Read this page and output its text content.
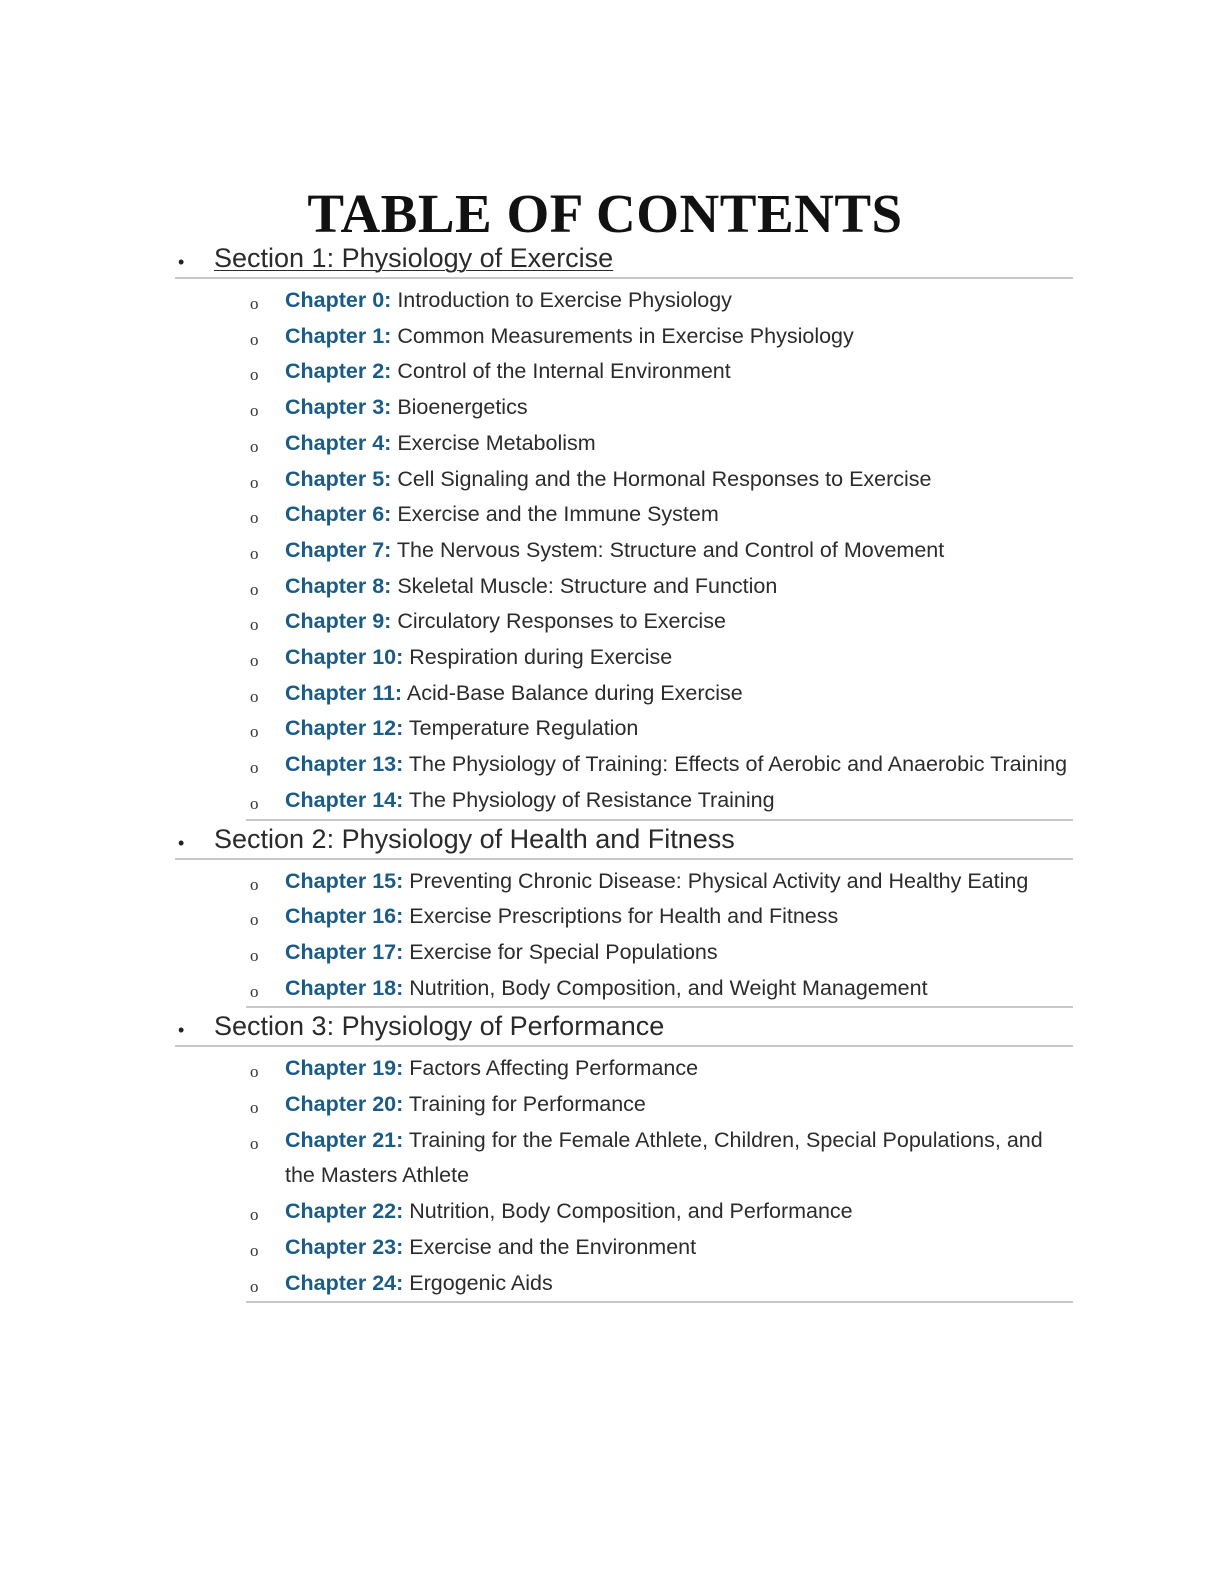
TABLE OF CONTENTS
• Section 1: Physiology of Exercise
o Chapter 0: Introduction to Exercise Physiology
o Chapter 1: Common Measurements in Exercise Physiology
o Chapter 2: Control of the Internal Environment
o Chapter 3: Bioenergetics
o Chapter 4: Exercise Metabolism
o Chapter 5: Cell Signaling and the Hormonal Responses to Exercise
o Chapter 6: Exercise and the Immune System
o Chapter 7: The Nervous System: Structure and Control of Movement
o Chapter 8: Skeletal Muscle: Structure and Function
o Chapter 9: Circulatory Responses to Exercise
o Chapter 10: Respiration during Exercise
o Chapter 11: Acid-Base Balance during Exercise
o Chapter 12: Temperature Regulation
o Chapter 13: The Physiology of Training: Effects of Aerobic and Anaerobic Training
o Chapter 14: The Physiology of Resistance Training
• Section 2: Physiology of Health and Fitness
o Chapter 15: Preventing Chronic Disease: Physical Activity and Healthy Eating
o Chapter 16: Exercise Prescriptions for Health and Fitness
o Chapter 17: Exercise for Special Populations
o Chapter 18: Nutrition, Body Composition, and Weight Management
• Section 3: Physiology of Performance
o Chapter 19: Factors Affecting Performance
o Chapter 20: Training for Performance
o Chapter 21: Training for the Female Athlete, Children, Special Populations, and the Masters Athlete
o Chapter 22: Nutrition, Body Composition, and Performance
o Chapter 23: Exercise and the Environment
o Chapter 24: Ergogenic Aids
